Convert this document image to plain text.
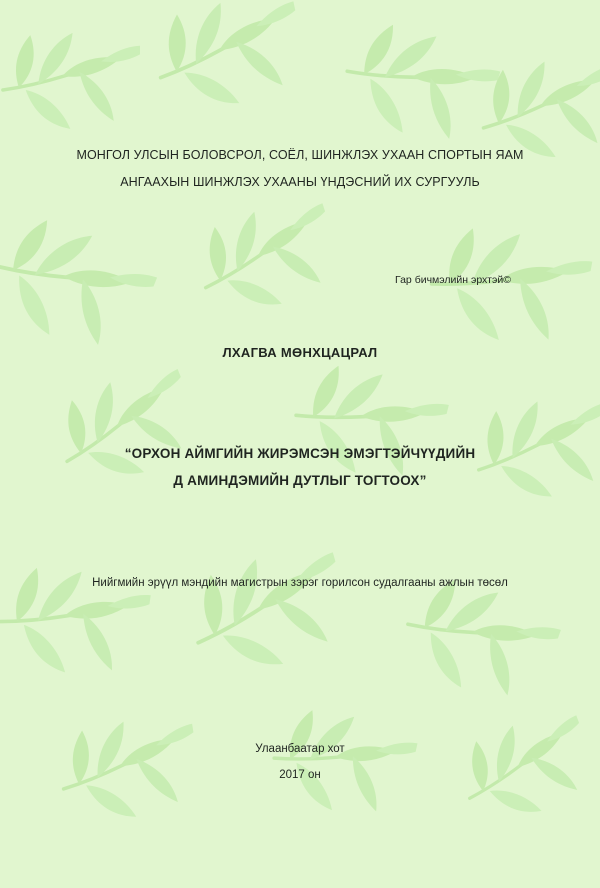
МОНГОЛ УЛСЫН БОЛОВСРОЛ, СОЁЛ, ШИНЖЛЭХ УХААН СПОРТЫН ЯАМ
АНГААХЫН ШИНЖЛЭХ УХААНЫ ҮНДЭСНИЙ ИХ СУРГУУЛЬ
Гар бичмэлийн эрхтэй©
ЛХАГВА МӨНХЦАЦРАЛ
“ОРХОН АЙМГИЙН ЖИРЭМСЭН ЭМЭГТЭЙЧҮҮДИЙН
Д АМИНДЭМИЙН ДУТЛЫГ ТОГТООХ”
Нийгмийн эрүүл мэндийн магистрын зэрэг горилсон судалгааны ажлын төсөл
Улаанбаатар хот
2017 он
